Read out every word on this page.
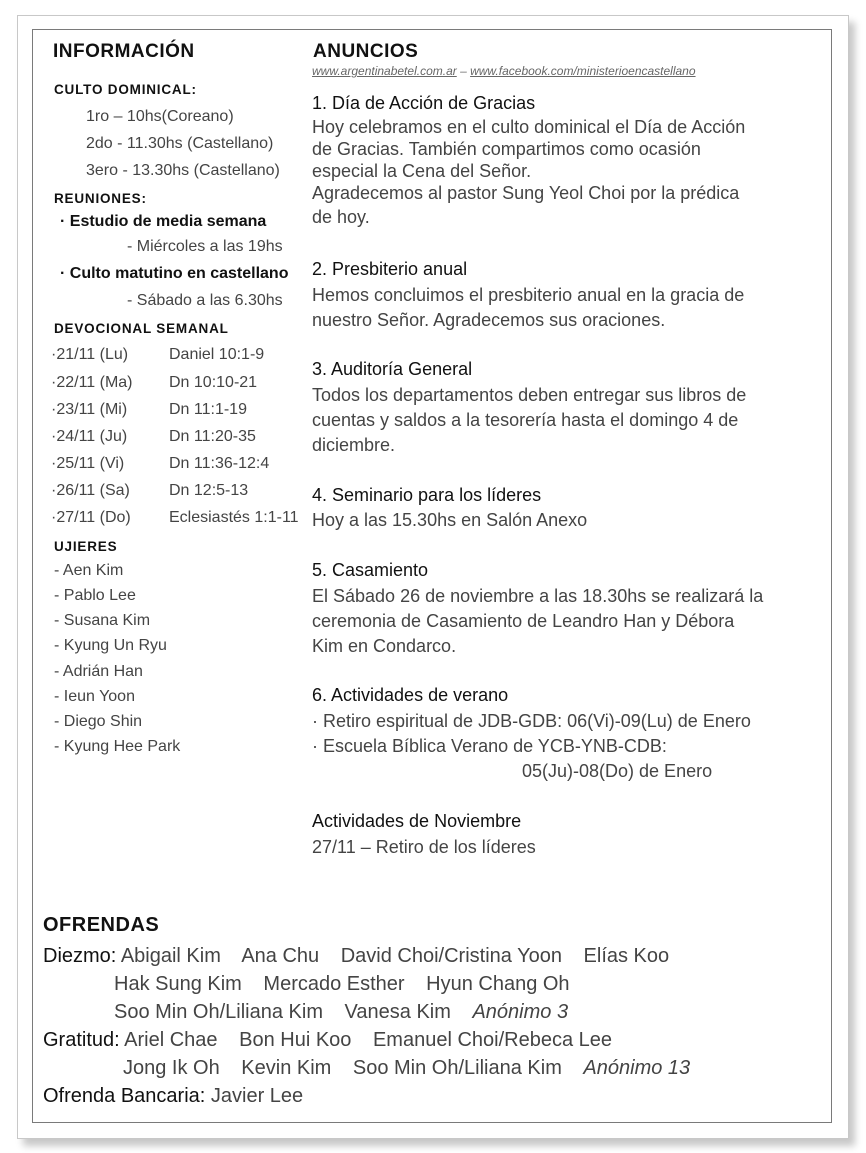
INFORMACIÓN
CULTO DOMINICAL:
1ro – 10hs(Coreano)
2do - 11.30hs (Castellano)
3ero - 13.30hs (Castellano)
REUNIONES:
· Estudio de media semana
- Miércoles a las 19hs
· Culto matutino en castellano
- Sábado a las 6.30hs
DEVOCIONAL SEMANAL
·21/11 (Lu)	Daniel 10:1-9
·22/11 (Ma) Dn 10:10-21
·23/11 (Mi)	Dn 11:1-19
·24/11 (Ju)	Dn 11:20-35
·25/11 (Vi)	Dn 11:36-12:4
·26/11 (Sa) Dn 12:5-13
·27/11 (Do) Eclesiastés 1:1-11
UJIERES
- Aen Kim
- Pablo Lee
- Susana Kim
- Kyung Un Ryu
- Adrián Han
- Ieun Yoon
- Diego Shin
- Kyung Hee Park
ANUNCIOS
www.argentinabetel.com.ar – www.facebook.com/ministerioencastellano
1. Día de Acción de Gracias
Hoy celebramos en el culto dominical el Día de Acción
de Gracias. También compartimos como ocasión
especial la Cena del Señor.
Agradecemos al pastor Sung Yeol Choi por la prédica
de hoy.
2. Presbiterio anual
Hemos concluimos el presbiterio anual en la gracia de
nuestro Señor. Agradecemos sus oraciones.
3. Auditoría General
Todos los departamentos deben entregar sus libros de
cuentas y saldos a la tesorería hasta el domingo 4 de
diciembre.
4. Seminario para los líderes
Hoy a las 15.30hs en Salón Anexo
5. Casamiento
El Sábado 26 de noviembre a las 18.30hs se realizará la
ceremonia de Casamiento de Leandro Han y Débora
Kim en Condarco.
6. Actividades de verano
· Retiro espiritual de JDB-GDB: 06(Vi)-09(Lu) de Enero
· Escuela Bíblica Verano de YCB-YNB-CDB:
05(Ju)-08(Do) de Enero
Actividades de Noviembre
27/11 – Retiro de los líderes
OFRENDAS
Diezmo: Abigail Kim Ana Chu David Choi/Cristina Yoon Elías Koo
Hak Sung Kim Mercado Esther Hyun Chang Oh
Soo Min Oh/Liliana Kim Vanesa Kim Anónimo 3
Gratitud: Ariel Chae Bon Hui Koo Emanuel Choi/Rebeca Lee
Jong Ik Oh Kevin Kim Soo Min Oh/Liliana Kim Anónimo 13
Ofrenda Bancaria: Javier Lee
